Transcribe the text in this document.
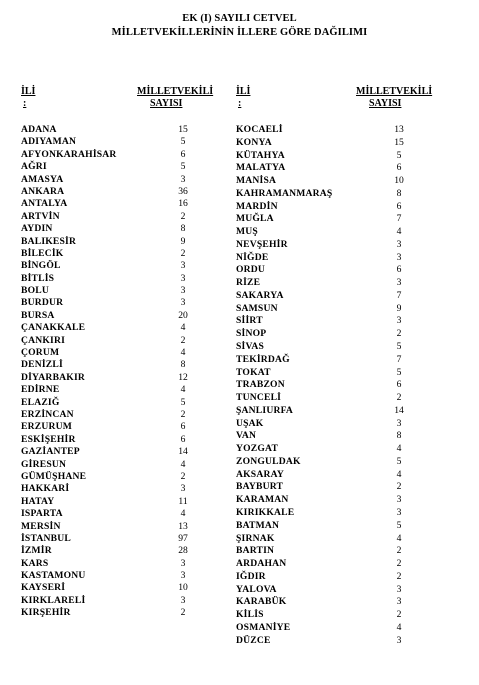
EK (I) SAYILI CETVEL
MİLLETVEKİLLERİNİN İLLERE GÖRE DAĞILIMI
İLİ
:
MİLLETVEKİLİ
SAYISI
İLİ
:
MİLLETVEKİLİ
SAYISI
ADANA	15
ADIYAMAN	5
AFYONKARAHİSAR	6
AĞRI	5
AMASYA	3
ANKARA	36
ANTALYA	16
ARTVİN	2
AYDIN	8
BALIKESİR	9
BİLECİK	2
BİNGÖL	3
BİTLİS	3
BOLU	3
BURDUR	3
BURSA	20
ÇANAKKALE	4
ÇANKIRI	2
ÇORUM	4
DENİZLİ	8
DİYARBAKIR	12
EDİRNE	4
ELAZIĞ	5
ERZİNCAN	2
ERZURUM	6
ESKİŞEHİR	6
GAZİANTEP	14
GİRESUN	4
GÜMÜŞHANE	2
HAKKARİ	3
HATAY	11
ISPARTA	4
MERSİN	13
İSTANBUL	97
İZMİR	28
KARS	3
KASTAMONU	3
KAYSERİ	10
KIRKLARELİ	3
KIRŞEHİR	2
KOCAELİ	13
KONYA	15
KÜTAHYA	5
MALATYA	6
MANİSA	10
KAHRAMANMARAŞ	8
MARDİN	6
MUĞLA	7
MUŞ	4
NEVŞEHİR	3
NİĞDE	3
ORDU	6
RİZE	3
SAKARYA	7
SAMSUN	9
SİİRT	3
SİNOP	2
SİVAS	5
TEKİRDAĞ	7
TOKAT	5
TRABZON	6
TUNCELİ	2
ŞANLIURFA	14
UŞAK	3
VAN	8
YOZGAT	4
ZONGULDAK	5
AKSARAY	4
BAYBURT	2
KARAMAN	3
KIRIKKALE	3
BATMAN	5
ŞIRNAK	4
BARTIN	2
ARDAHAN	2
IĞDIR	2
YALOVA	3
KARABÜK	3
KİLİS	2
OSMANİYE	4
DÜZCE	3
